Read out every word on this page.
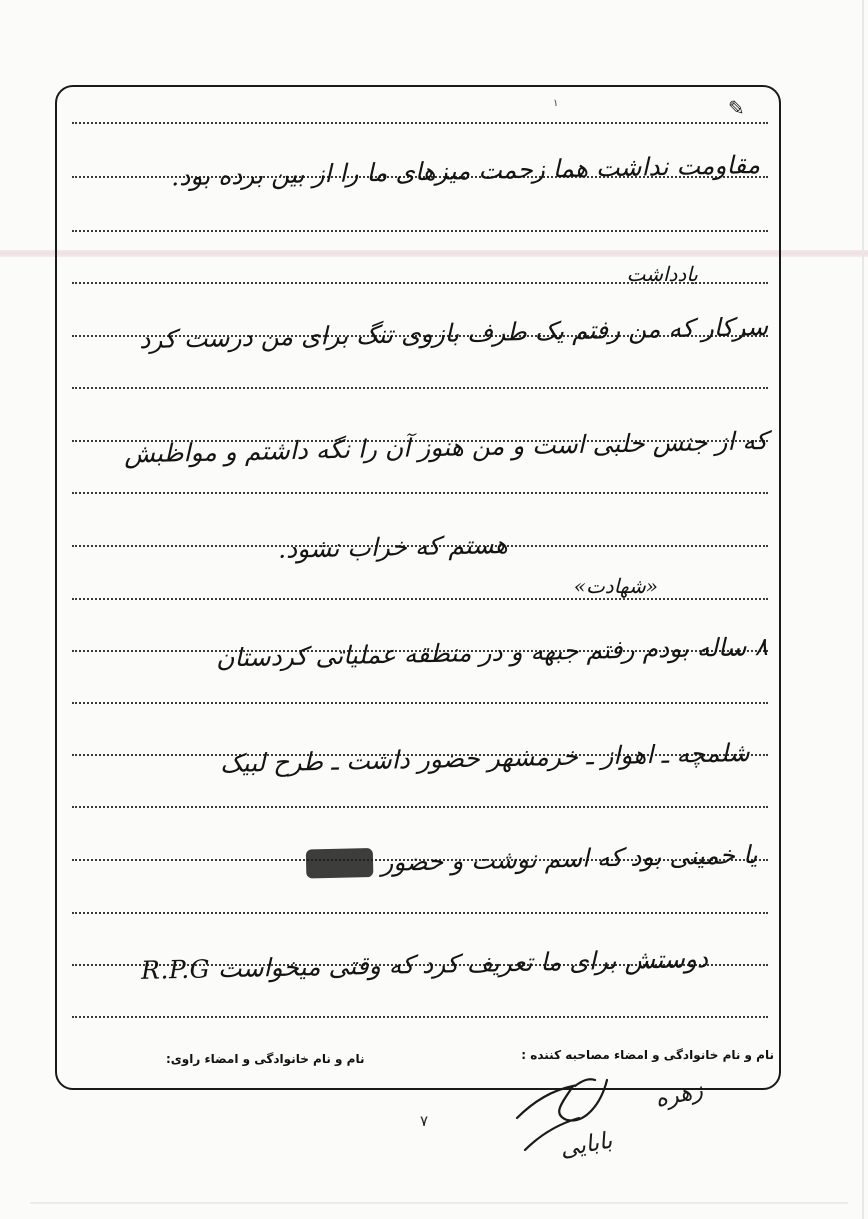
✎
۱
مقاومت نداشت هما زحمت میزهای ما را از بین برده بود.
یادداشت
سرکار که من رفتم یک طرف بازوی تنگ برای من درست کرد
که از جنس حلبی است و من هنوز آن را نگه داشتم و مواظبش
هستم که خراب نشود.
«شهادت»
۸ ساله بودم رفتم جبهه و در منطقه عملیاتی کردستان
شلمچه ـ اهواز ـ خرمشهر حضور داشت ـ طرح لبیک
یا خمینی بود که اسم نوشت و حضور هه هه
دوستش برای ما تعریف کرد که وقتی میخواست R.P.G
نام و نام خانوادگی و امضاء مصاحبه کننده :
نام و نام خانوادگی و امضاء راوی:
زهره
بابایی
۷
